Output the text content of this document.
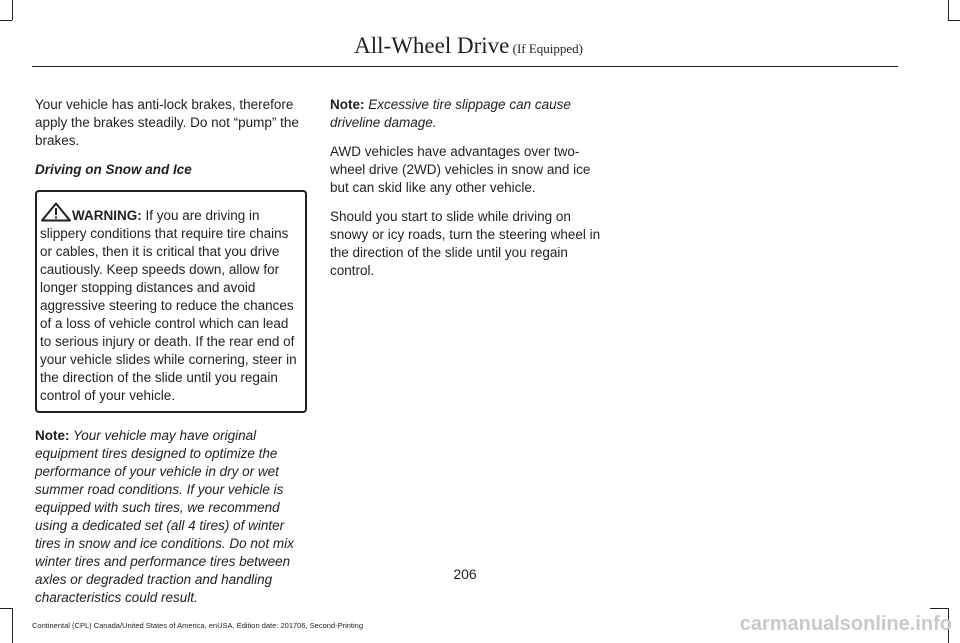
All-Wheel Drive (If Equipped)

Your vehicle has anti-lock brakes, therefore apply the brakes steadily. Do not “pump” the brakes.

Driving on Snow and Ice

WARNING: If you are driving in slippery conditions that require tire chains or cables, then it is critical that you drive cautiously. Keep speeds down, allow for longer stopping distances and avoid aggressive steering to reduce the chances of a loss of vehicle control which can lead to serious injury or death. If the rear end of your vehicle slides while cornering, steer in the direction of the slide until you regain control of your vehicle.

Note: Your vehicle may have original equipment tires designed to optimize the performance of your vehicle in dry or wet summer road conditions. If your vehicle is equipped with such tires, we recommend using a dedicated set (all 4 tires) of winter tires in snow and ice conditions. Do not mix winter tires and performance tires between axles or degraded traction and handling characteristics could result.

Note: Excessive tire slippage can cause driveline damage.

AWD vehicles have advantages over two-wheel drive (2WD) vehicles in snow and ice but can skid like any other vehicle.

Should you start to slide while driving on snowy or icy roads, turn the steering wheel in the direction of the slide until you regain control.

206
Continental (CPL) Canada/United States of America, enUSA, Edition date: 201706, Second-Printing	carmanualsonline.info
